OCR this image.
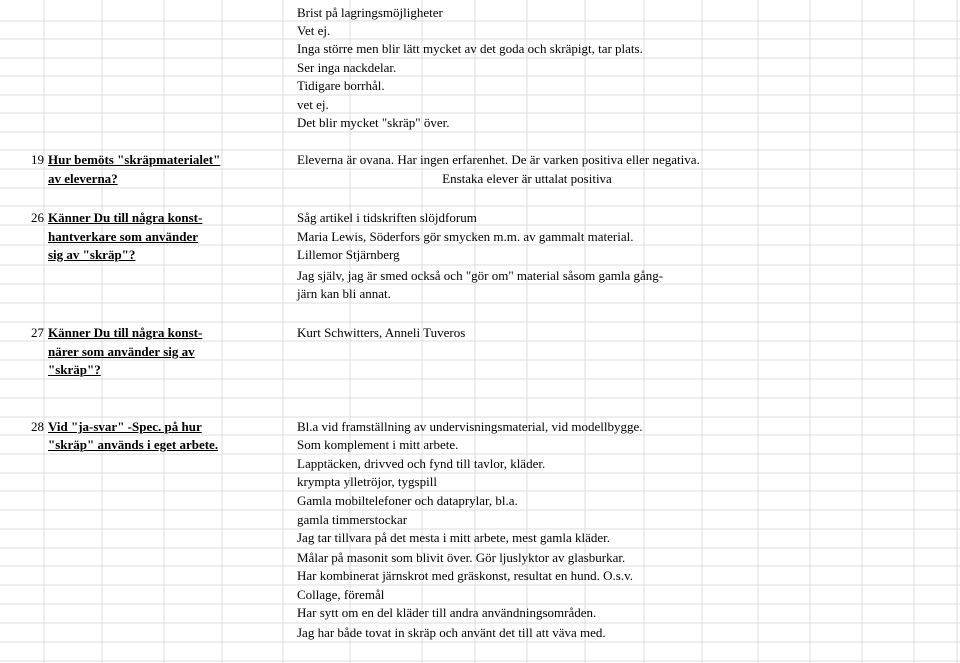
Brist på lagringsmöjligheter
Vet ej.
Inga större men blir lätt mycket av det goda och skräpigt, tar plats.
Ser inga nackdelar.
Tidigare borrhål.
vet ej.
Det blir mycket "skräp" över.
19 Hur bemöts "skräpmaterialet"
av eleverna?
Eleverna är ovana. Har ingen erfarenhet. De är varken positiva eller negativa.
Enstaka elever är uttalat positiva
26 Känner Du till några konst-
hantverkare som använder
sig av "skräp"?
Såg artikel i tidskriften slöjdforum
Maria Lewis, Söderfors gör smycken m.m. av gammalt material.
Lillemor Stjärnberg
Jag själv, jag är smed också och "gör om" material såsom gamla gång-
järn kan bli annat.
27 Känner Du till några konst-
närer som använder sig av
"skräp"?
Kurt Schwitters, Anneli Tuveros
28 Vid "ja-svar" -Spec. på hur
"skräp" används i eget arbete.
Bl.a vid framställning av undervisningsmaterial, vid modellbygge.
Som komplement i mitt arbete.
Lapptäcken, drivved och fynd till tavlor, kläder.
krympta ylletröjor, tygspill
Gamla mobiltelefoner och dataprylar, bl.a.
gamla timmerstockar
Jag tar tillvara på det mesta i mitt arbete, mest gamla kläder.
Målar på masonit som blivit över. Gör ljuslyktor av glasburkar.
Har kombinerat järnskrot med gräskonst, resultat en hund. O.s.v.
Collage, föremål
Har sytt om en del kläder till andra användningsområden.
Jag har både tovat in skräp och använt det till att väva med.
